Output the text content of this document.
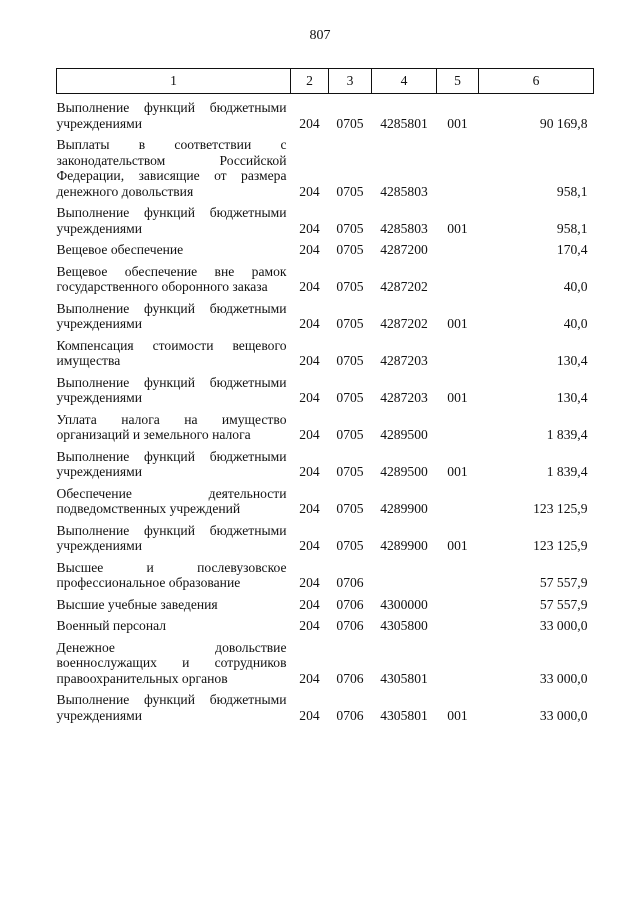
807
1	2	3	4	5	6
Выполнение функций бюджетными учреждениями	204	0705	4285801	001	90 169,8
Выплаты в соответствии с законодательством Российской Федерации, зависящие от размера денежного довольствия	204	0705	4285803		958,1
Выполнение функций бюджетными учреждениями	204	0705	4285803	001	958,1
Вещевое обеспечение	204	0705	4287200		170,4
Вещевое обеспечение вне рамок государственного оборонного заказа	204	0705	4287202		40,0
Выполнение функций бюджетными учреждениями	204	0705	4287202	001	40,0
Компенсация стоимости вещевого имущества	204	0705	4287203		130,4
Выполнение функций бюджетными учреждениями	204	0705	4287203	001	130,4
Уплата налога на имущество организаций и земельного налога	204	0705	4289500		1 839,4
Выполнение функций бюджетными учреждениями	204	0705	4289500	001	1 839,4
Обеспечение деятельности подведомственных учреждений	204	0705	4289900		123 125,9
Выполнение функций бюджетными учреждениями	204	0705	4289900	001	123 125,9
Высшее и послевузовское профессиональное образование	204	0706			57 557,9
Высшие учебные заведения	204	0706	4300000		57 557,9
Военный персонал	204	0706	4305800		33 000,0
Денежное довольствие военнослужащих и сотрудников правоохранительных органов	204	0706	4305801		33 000,0
Выполнение функций бюджетными учреждениями	204	0706	4305801	001	33 000,0
